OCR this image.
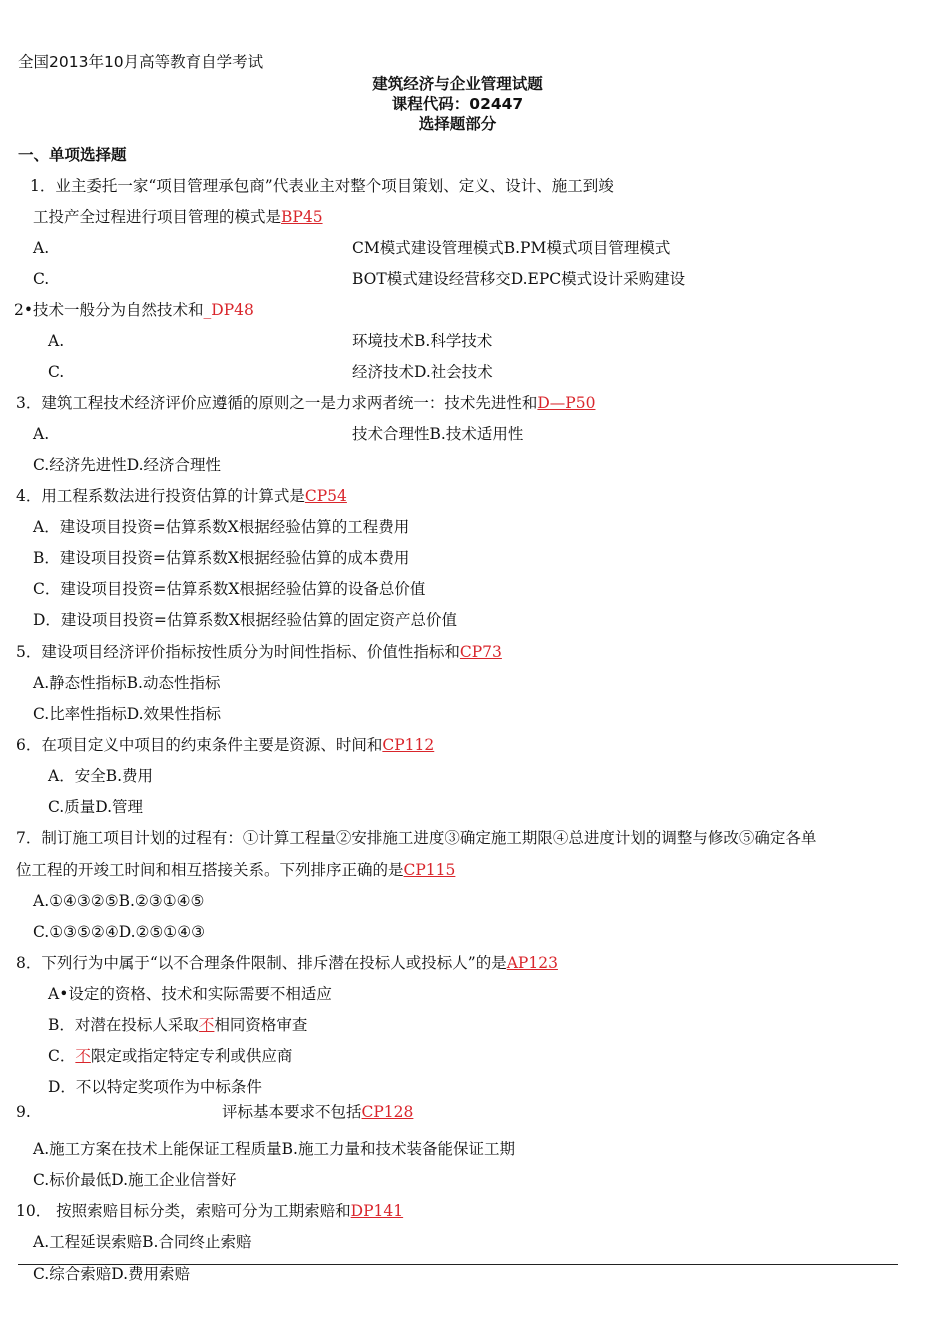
全国2013年10月高等教育自学考试
建筑经济与企业管理试题
课程代码：02447
选择题部分
一、单项选择题
1．业主委托一家“项目管理承包商”代表业主对整个项目策划、定义、设计、施工到竣
工投产全过程进行项目管理的模式是BP45
A.	CM模式建设管理模式B.PM模式项目管理模式
C.	BOT模式建设经营移交D.EPC模式设计采购建设
2•技术一般分为自然技术和_DP48
A.	环境技术B.科学技术
C.	经济技术D.社会技术
3．建筑工程技术经济评价应遵循的原则之一是力求两者统一：技术先进性和D—P50
A.	技术合理性B.技术适用性
C.经济先进性D.经济合理性
4．用工程系数法进行投资估算的计算式是CP54
A．建设项目投资=估算系数X根据经验估算的工程费用
B．建设项目投资=估算系数X根据经验估算的成本费用
C．建设项目投资=估算系数X根据经验估算的设备总价值
D．建设项目投资=估算系数X根据经验估算的固定资产总价值
5．建设项目经济评价指标按性质分为时间性指标、价值性指标和CP73
A.静态性指标B.动态性指标
C.比率性指标D.效果性指标
6．在项目定义中项目的约束条件主要是资源、时间和CP112
A．安全B.费用
C.质量D.管理
7．制订施工项目计划的过程有：①计算工程量②安排施工进度③确定施工期限④总进度计划的调整与修改⑤确定各单
位工程的开竣工时间和相互搭接关系。下列排序正确的是CP115
A.①④③②⑤B.②③①④⑤
C.①③⑤②④D.②⑤①④③
8．下列行为中属于“以不合理条件限制、排斥潜在投标人或投标人”的是AP123
A•设定的资格、技术和实际需要不相适应
B．对潜在投标人采取不相同资格审查
C．不限定或指定特定专利或供应商
D．不以特定奖项作为中标条件
9.	评标基本要求不包括CP128
A.施工方案在技术上能保证工程质量B.施工力量和技术装备能保证工期
C.标价最低D.施工企业信誉好
10． 按照索赔目标分类，索赔可分为工期索赔和DP141
A.工程延误索赔B.合同终止索赔
C.综合索赔D.费用索赔
